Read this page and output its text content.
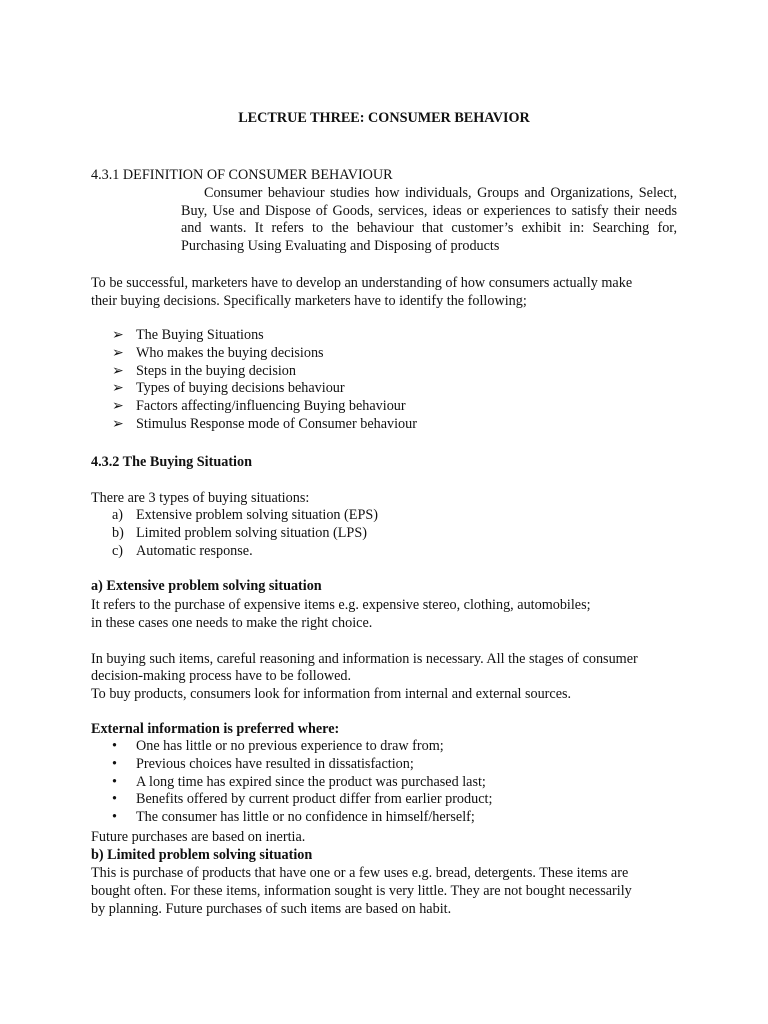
LECTRUE THREE: CONSUMER BEHAVIOR
4.3.1 DEFINITION OF CONSUMER BEHAVIOUR

Consumer behaviour studies how individuals, Groups and Organizations, Select, Buy, Use and Dispose of Goods, services, ideas or experiences to satisfy their needs and wants. It refers to the behaviour that customer’s exhibit in: Searching for, Purchasing Using Evaluating and Disposing of products

To be successful, marketers have to develop an understanding of how consumers actually make
their buying decisions. Specifically marketers have to identify the following;
➢ The Buying Situations
➢ Who makes the buying decisions
➢ Steps in the buying decision
➢ Types of buying decisions behaviour
➢ Factors affecting/influencing Buying behaviour
➢ Stimulus Response mode of Consumer behaviour
4.3.2 The Buying Situation
There are 3 types of buying situations:
a) Extensive problem solving situation (EPS)
b) Limited problem solving situation (LPS)
c) Automatic response.
a) Extensive problem solving situation
It refers to the purchase of expensive items e.g. expensive stereo, clothing, automobiles;
in these cases one needs to make the right choice.
In buying such items, careful reasoning and information is necessary. All the stages of consumer
decision-making process have to be followed.
To buy products, consumers look for information from internal and external sources.
External information is preferred where:
•	One has little or no previous experience to draw from;
•	Previous choices have resulted in dissatisfaction;
•	A long time has expired since the product was purchased last;
•	Benefits offered by current product differ from earlier product;
•	The consumer has little or no confidence in himself/herself;
Future purchases are based on inertia.
b) Limited problem solving situation
This is purchase of products that have one or a few uses e.g. bread, detergents. These items are
bought often. For these items, information sought is very little. They are not bought necessarily
by planning. Future purchases of such items are based on habit.
